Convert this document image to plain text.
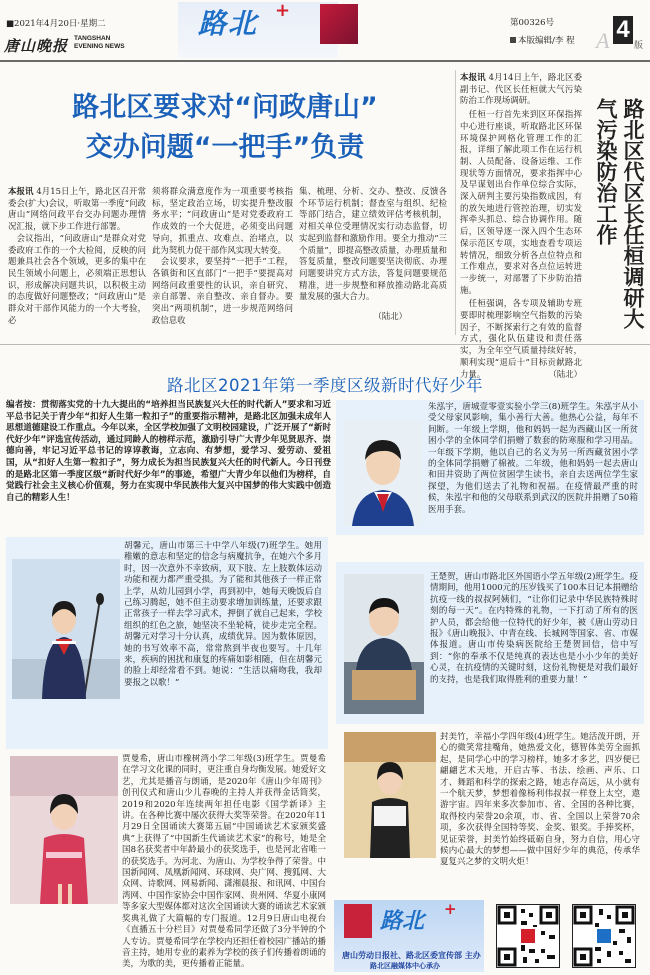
■2021年4月20日·星期二
唐山晚报 TANGSHAN
EVENING NEWS
路北 +
第00326号
本版编辑/李 程 A 4
版
路北区要求对“问政唐山”
交办问题“一把手”负责
本报讯 4月15日上午，路北区召开常委会(扩大)会议，听取第一季度“问政唐山”网络问政平台交办问题办理情况汇报，就下步工作进行部署。
　会议指出，“问政唐山”是群众对党委政府工作的一个大检阅，反映的问题兼具社会各个领域，更多的集中在民生领域小问题上，必须端正思想认识，形成解决问题共识，以积极主动的态度做好问题整改；“问政唐山”是群众对干部作风能力的一个大考验，必
须将群众满意度作为一项重要考核指标，坚定政治立场，切实提升整改服务水平；“问政唐山”是对党委政府工作成效的一个大促进，必须变出问题导向，抓重点、攻难点、治堵点，以此为契机力促干部作风实现大转变。
　会议要求，要坚持“一把手”工程，各镇街和区直部门“一把手”要提高对网络问政重要性的认识，亲自研究、亲自部署、亲自整改、亲自督办。要突出“两项机制”，进一步规范网络问政信息收
集、梳理、分析、交办、整改、反馈各个环节运行机制；督查室与组织、纪检等部门结合，建立绩效评估考核机制，对相关单位受理情况实行动态监督，切实起到监督和激励作用。要全力推动“三个质量”，即提高整改质量，办理质量和答复质量，整改问题要坚决彻底、办理问题要讲究方式方法，答复问题要规范精准，进一步规整和释放推动路北高质量发展的强大合力。
（陆北）
本报讯 4月14日上午，路北区委副书记、代区长任桓就大气污染防治工作现场调研。
　任桓一行首先来到区环保指挥中心进行座谈，听取路北区环保环境保护网格化管理工作的汇报，详细了解此项工作在运行机制、人员配备、设备运维、工作现状等方面情况，要求指挥中心及早谋划出台作单位综合实际，深入研判主要污染指数成因，有的放矢地进行管控治理，切实发挥牵头抓总、综合协调作用。随后，区领导逐一深入四个生态环保示范区专项，实地查看专项运转情况，细致分析各点位特点和工作难点，要求对各点位运转进一步统一，对部署了下步防治措施。
　任桓强调，各专项及辅助专班要即时梳理影响空气指数的污染因子，不断探索行之有效的监督方式，强化队伍建设和责任落实，为全年空气质量持续好转，顺利实现“退后十”目标贡献路北力量。	（陆北）
路北区代区长任桓调研大气污染防治工作
路北区2021年第一季度区级新时代好少年
编者按：贯彻落实党的十九大提出的“培养担当民族复兴大任的时代新人”要求和习近平总书记关于青少年“扣好人生第一粒扣子”的重要指示精神，是路北区加强未成年人思想道德建设工作重点。今年以来，全区学校加强了文明校园建设，广泛开展了“新时代好少年”评选宣传活动，通过同龄人的榜样示范，激励引导广大青少年见贤思齐、崇德向善，牢记习近平总书记的谆谆教诲，立志向、有梦想，爱学习、爱劳动、爱祖国，从“扣好人生第一粒扣子”，努力成长为担当民族复兴大任的时代新人。今日刊登的是路北区第一季度区级“新时代好少年”的事迹，希望广大青少年以他们为榜样，自觉践行社会主义核心价值观，努力在实现中华民族伟大复兴中国梦的伟大实践中创造自己的精彩人生！
朱泓宇，唐城壹零壹实验小学三(8)班学生。朱泓宇从小受父母家风影响，集小善行大善。他热心公益，每年不间断。一年级上学期，他和妈妈一起为西藏山区一所贫困小学的全体同学们捐赠了数套的防寒服和学习用品。一年级下学期，他以自己的名义为另一所西藏贫困小学的全体同学捐赠了棉被。二年级，他和妈妈一起去唐山和田井资助了两位贫困学生读书，亲自去送两位学生家探望，为他们送去了礼物和祝福。在疫情最严重的时候，朱泓宇和他的父母联系到武汉的医院并捐赠了50箱医用手套。
胡馨元，唐山市第三十中学八年级(7)班学生。她用稚嫩的意志和坚定的信念与病魔抗争，在她六个多月时，因一次意外不幸致病，双下肢、左上肢数体运动功能和视力都严重受损。为了能和其他孩子一样正常上学，从幼儿园到小学，再到初中，她每天晚饭后自己练习腾起，她不但主动要求增加训练量，还要求跟正常孩子一样去学习武术，押倒了就自己起来，学校组织的红色之旅，她坚决不坐轮椅，徒步走完全程。胡馨元对学习十分认真，成绩优异。因为数体原因，她的书写效率不高，常常熬到半夜也要写。十几年来，疾病的困扰和康复的疼痛如影相随，但在胡馨元的脸上却经常看不到。她说：“生活以痛吻我，我却要报之以歌！”
王楚贺，唐山市路北区外国语小学五年级(2)班学生。疫情期间，他用1000元的压岁钱买了100本日记本捐赠给抗疫一线的叔叔阿姨们，“让你们记录中华民族特殊时刻的每一天”。在内特殊的礼物，一下打动了所有的医护人员，都会给他一位特代的好少年，被《唐山劳动日报》《唐山晚报》、中青在线、长城网等国家、省、市媒体报道。唐山市传染病医院给王楚贺回信，信中写到：“你的奉承不仅是纯真的表达也是小小少年的美好心灵，在抗疫情的关键时刻，这份礼物便是对我们最好的支持，也是我们取得胜利的重要力量！”
贾曼希，唐山市橡树湾小学二年级(3)班学生。贾曼希在学习文化课的同时，更注重自身均衡发展。她爱好文艺，尤其是播音与朗诵，是2020年《唐山少年周刊》创刊仪式和唐山少儿春晚的主持人并获得金话筒奖，2019和2020年连续两年担任电影《国学新译》主讲。在各种比赛中屡次获得大奖等荣誉。在2020年11月29日全国诵读大赛第五届“中国诵读艺术家颁奖盛典”上获得了“中国新生代诵读艺术家”的称号，她是全国8名获奖者中年龄最小的获奖选手，也是河北省唯一的获奖选手。为河北、为唐山、为学校争得了荣誉。中国新闻网、凤凰新闻网、环球网、央广网、搜狐网、大众网、诗歌网、网易新闻、潇湘晨报、和讯网、中国台湾网、中国作家协会中国作家网、贵州网、华夏小康网等多家大型媒体都对这次全国诵读大赛的诵读艺术家颁奖典礼做了大篇幅的专门报道。12月9日唐山电视台《直播五十分栏目》对贾曼希同学还做了3分半钟的个人专访。贾曼希同学在学校内还担任着校园广播站的播音主持，她用专业的素养为学校的孩子们传播着朗诵的美，为歌的美，更传播着正能量。
封美竹，幸福小学四年级(4)班学生。她活泼开朗，开心的微笑常挂嘴角，她热爱文化，德智体美劳全面抓起，是同学心中的学习榜样，她多才多艺，四岁便已翩翩艺术天地，开启古筝、书法、绘画、声乐、口才、舞蹈和科学的探索之路，她志存高远，从小就有一个航天梦，梦想着像杨利伟叔叔一样登上太空，遨游宇宙。四年来多次参加市、省、全国的各种比赛，取得校内荣誉20余项，市、省、全国以上荣誉70余项，多次获得全国特等奖、金奖、银奖。手捧奖杯，见证荣誉，封美竹始终砥砺自身，努力自信，用心守候内心最大的梦想——做中国好少年的典范，传承华夏复兴之梦的文明火炬！
路北 +
唐山劳动日报社、路北区委宣传部 主办
路北区融媒体中心承办
